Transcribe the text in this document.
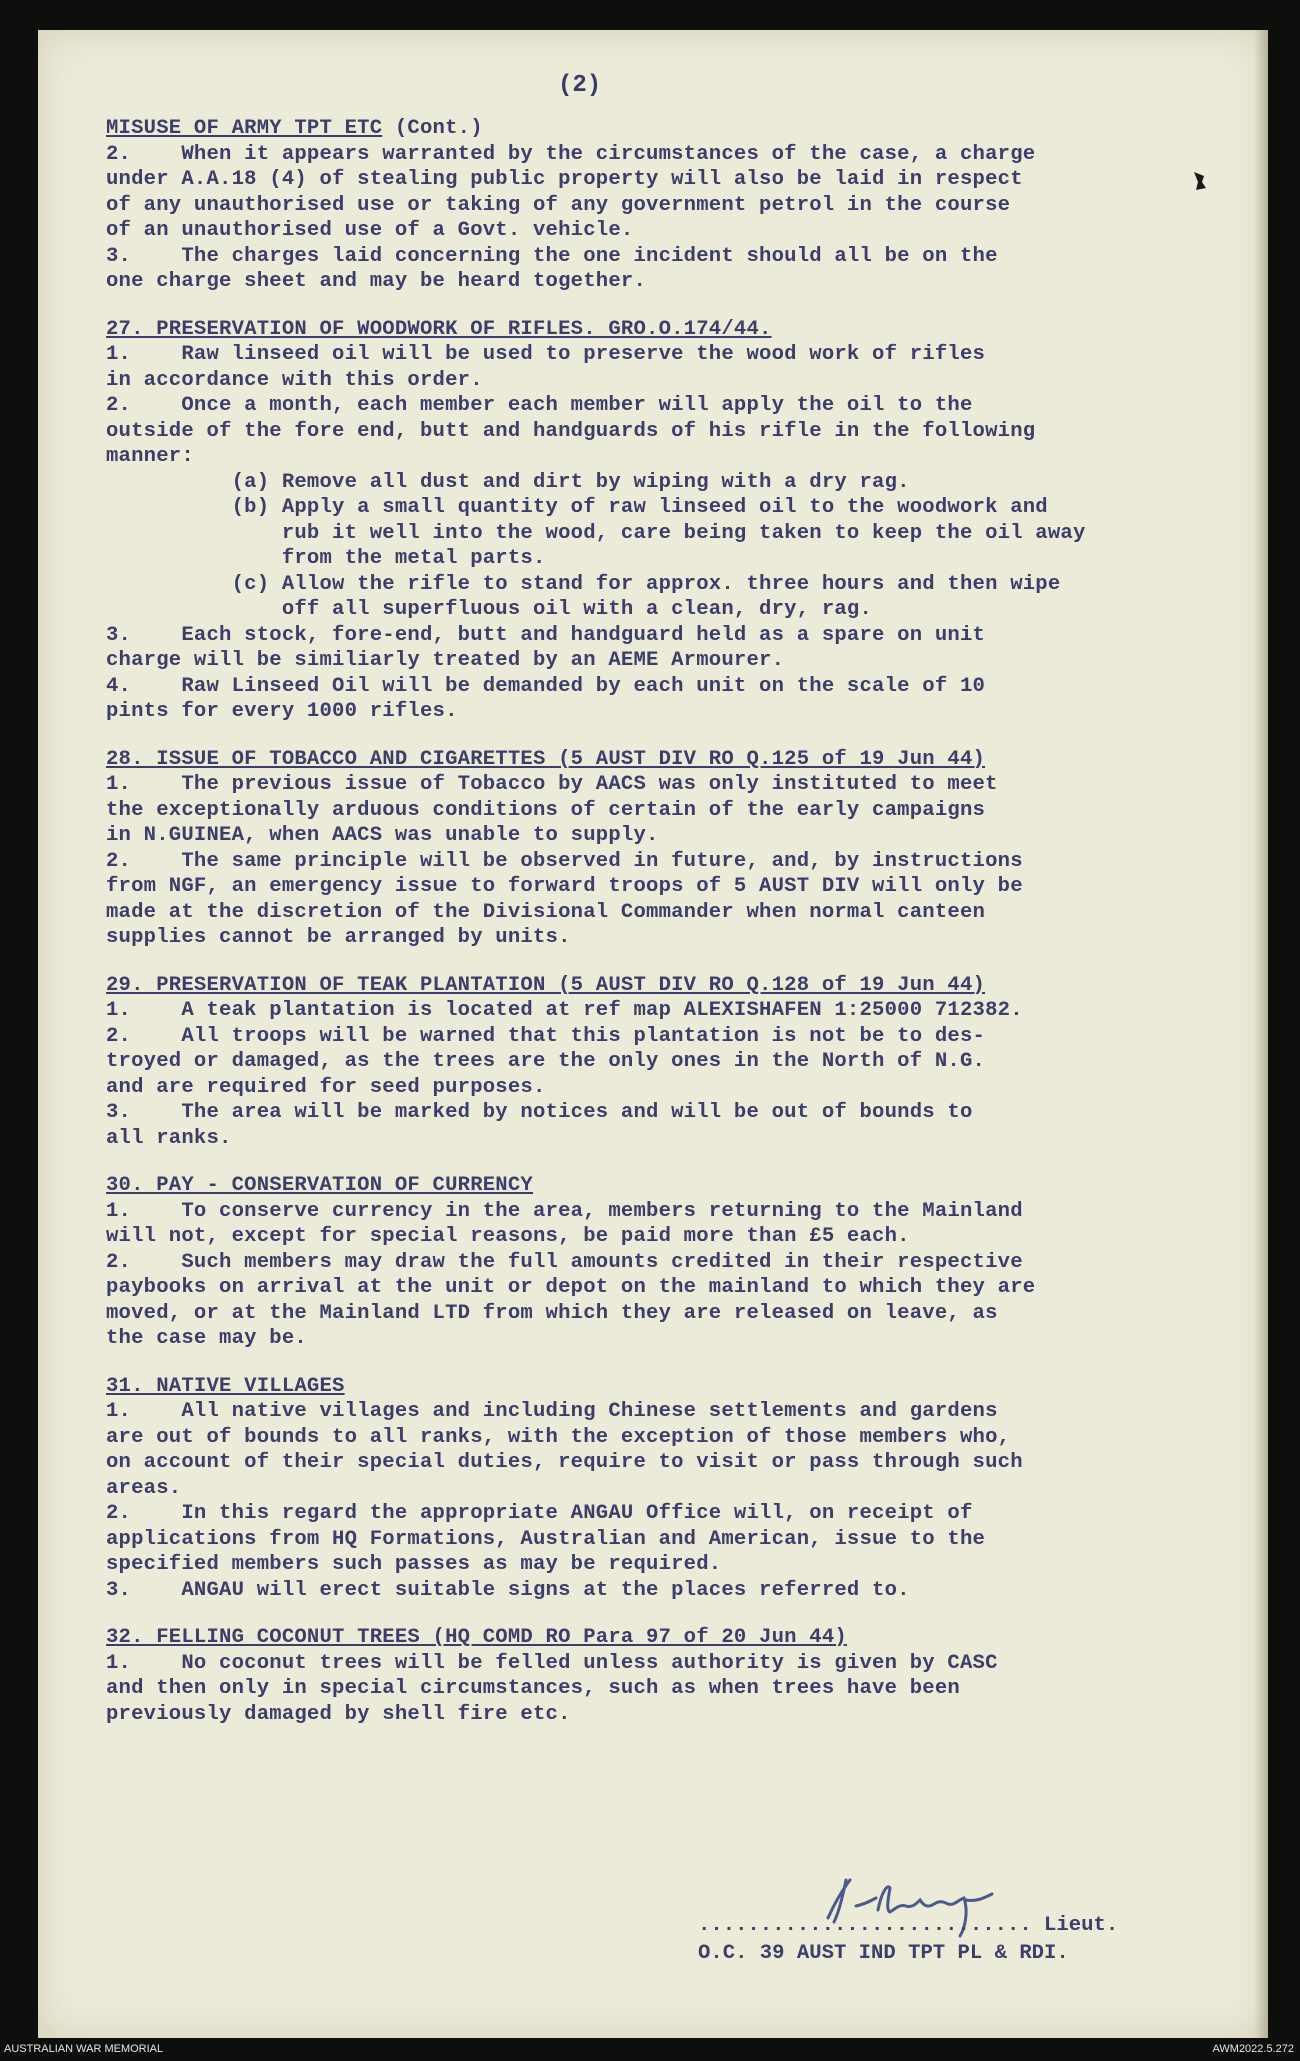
(2)
MISUSE OF ARMY TPT ETC (Cont.)
2.    When it appears warranted by the circumstances of the case, a charge
under A.A.18 (4) of stealing public property will also be laid in respect
of any unauthorised use or taking of any government petrol in the course
of an unauthorised use of a Govt. vehicle.
3.    The charges laid concerning the one incident should all be on the
one charge sheet and may be heard together.
27. PRESERVATION OF WOODWORK OF RIFLES. GRO.O.174/44.
1.    Raw linseed oil will be used to preserve the wood work of rifles
in accordance with this order.
2.    Once a month, each member each member will apply the oil to the
outside of the fore end, butt and handguards of his rifle in the following
manner:
(a) Remove all dust and dirt by wiping with a dry rag.
(b) Apply a small quantity of raw linseed oil to the woodwork and
rub it well into the wood, care being taken to keep the oil away
from the metal parts.
(c) Allow the rifle to stand for approx. three hours and then wipe
off all superfluous oil with a clean, dry, rag.
3.    Each stock, fore-end, butt and handguard held as a spare on unit
charge will be similiarly treated by an AEME Armourer.
4.    Raw Linseed Oil will be demanded by each unit on the scale of 10
pints for every 1000 rifles.
28. ISSUE OF TOBACCO AND CIGARETTES (5 AUST DIV RO Q.125 of 19 Jun 44)
1.    The previous issue of Tobacco by AACS was only instituted to meet
the exceptionally arduous conditions of certain of the early campaigns
in N.GUINEA, when AACS was unable to supply.
2.    The same principle will be observed in future, and, by instructions
from NGF, an emergency issue to forward troops of 5 AUST DIV will only be
made at the discretion of the Divisional Commander when normal canteen
supplies cannot be arranged by units.
29. PRESERVATION OF TEAK PLANTATION (5 AUST DIV RO Q.128 of 19 Jun 44)
1.    A teak plantation is located at ref map ALEXISHAFEN 1:25000 712382.
2.    All troops will be warned that this plantation is not be to des-
troyed or damaged, as the trees are the only ones in the North of N.G.
and are required for seed purposes.
3.    The area will be marked by notices and will be out of bounds to
all ranks.
30. PAY - CONSERVATION OF CURRENCY
1.    To conserve currency in the area, members returning to the Mainland
will not, except for special reasons, be paid more than £5 each.
2.    Such members may draw the full amounts credited in their respective
paybooks on arrival at the unit or depot on the mainland to which they are
moved, or at the Mainland LTD from which they are released on leave, as
the case may be.
31. NATIVE VILLAGES
1.    All native villages and including Chinese settlements and gardens
are out of bounds to all ranks, with the exception of those members who,
on account of their special duties, require to visit or pass through such
areas.
2.    In this regard the appropriate ANGAU Office will, on receipt of
applications from HQ Formations, Australian and American, issue to the
specified members such passes as may be required.
3.    ANGAU will erect suitable signs at the places referred to.
32. FELLING COCONUT TREES (HQ COMD RO Para 97 of 20 Jun 44)
1.    No coconut trees will be felled unless authority is given by CASC
and then only in special circumstances, such as when trees have been
previously damaged by shell fire etc.
........................... Lieut.
O.C. 39 AUST IND TPT PL & RDI.
AUSTRALIAN WAR MEMORIAL	AWM2022.5.272
